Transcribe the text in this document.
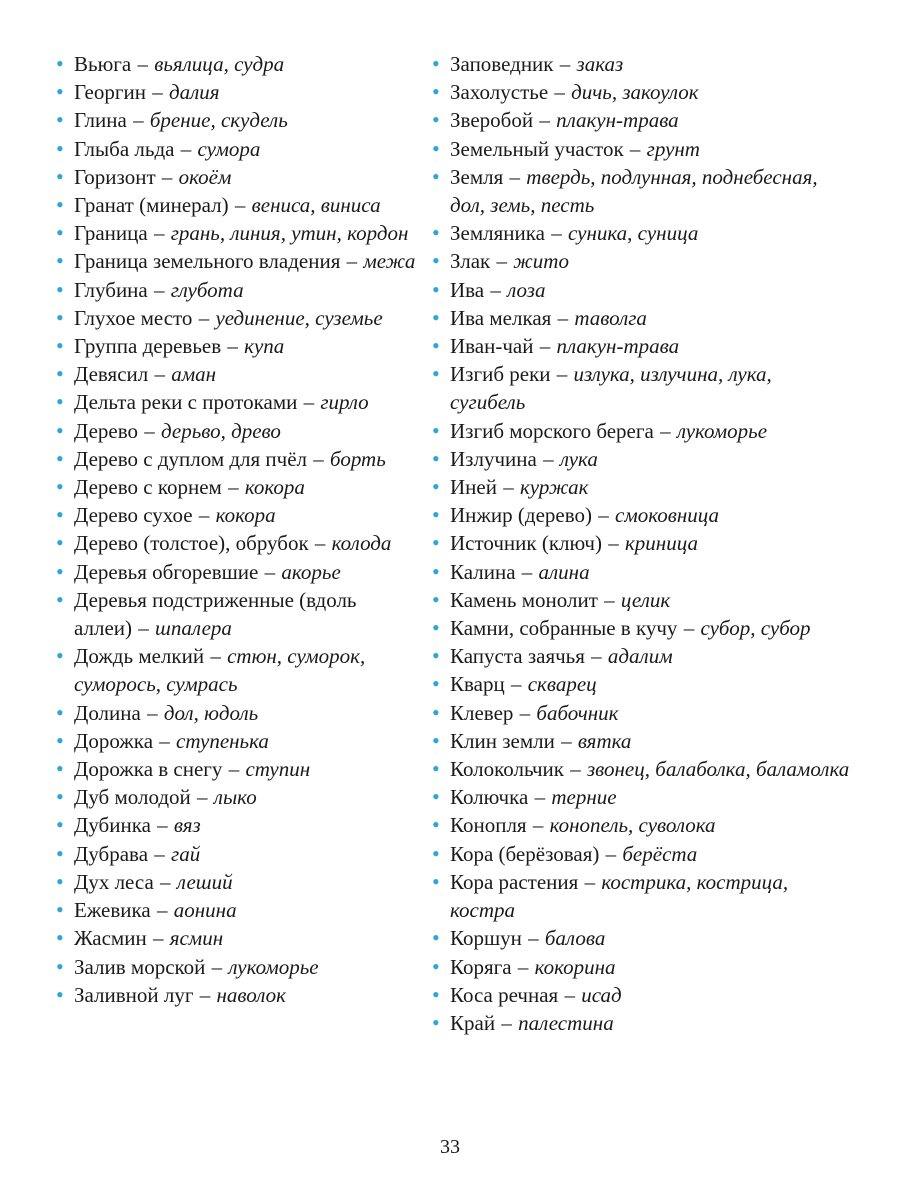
• Вьюга – вьялица, судра
• Георгин – далия
• Глина – брение, скудель
• Глыба льда – сумора
• Горизонт – окоём
• Гранат (минерал) – вениса, виниса
• Граница – грань, линия, утин, кордон
• Граница земельного владения – межа
• Глубина – глубота
• Глухое место – уединение, суземье
• Группа деревьев – купа
• Девясил – аман
• Дельта реки с протоками – гирло
• Дерево – дерьво, древо
• Дерево с дуплом для пчёл – борть
• Дерево с корнем – кокора
• Дерево сухое – кокора
• Дерево (толстое), обрубок – колода
• Деревья обгоревшие – акорье
• Деревья подстриженные (вдоль аллеи) – шпалера
• Дождь мелкий – стюн, суморок, суморось, сумрась
• Долина – дол, юдоль
• Дорожка – ступенька
• Дорожка в снегу – ступин
• Дуб молодой – лыко
• Дубинка – вяз
• Дубрава – гай
• Дух леса – леший
• Ежевика – аонина
• Жасмин – ясмин
• Залив морской – лукоморье
• Заливной луг – наволок
• Заповедник – заказ
• Захолустье – дичь, закоулок
• Зверобой – плакун-трава
• Земельный участок – грунт
• Земля – твердь, подлунная, поднебесная, дол, земь, песть
• Земляника – суника, суница
• Злак – жито
• Ива – лоза
• Ива мелкая – таволга
• Иван-чай – плакун-трава
• Изгиб реки – излука, излучина, лука, сугибель
• Изгиб морского берега – лукоморье
• Излучина – лука
• Иней – куржак
• Инжир (дерево) – смоковница
• Источник (ключ) – криница
• Калина – алина
• Камень монолит – целик
• Камни, собранные в кучу – субор, субор
• Капуста заячья – адалим
• Кварц – скварец
• Клевер – бабочник
• Клин земли – вятка
• Колокольчик – звонец, балаболка, баламолка
• Колючка – терние
• Конопля – конопель, суволока
• Кора (берёзовая) – берёста
• Кора растения – кострика, кострица, костра
• Коршун – балова
• Коряга – кокорина
• Коса речная – исад
• Край – палестина
33
